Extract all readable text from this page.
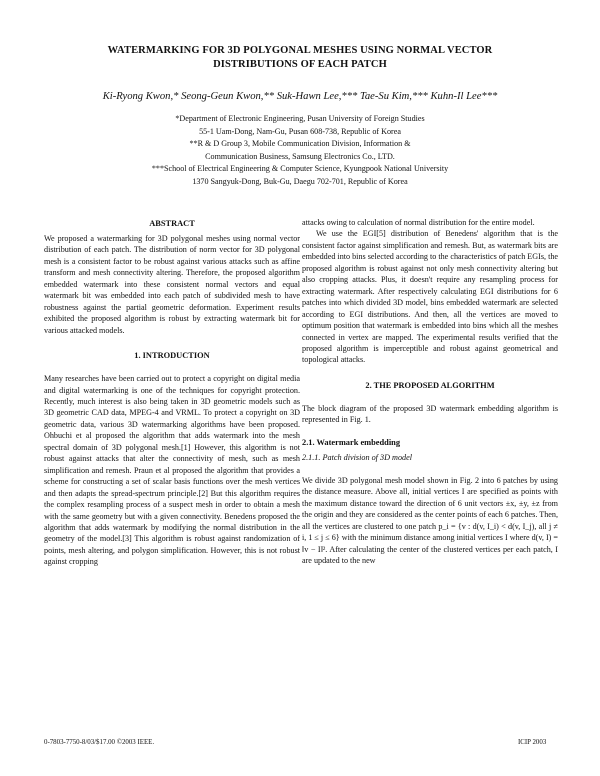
WATERMARKING FOR 3D POLYGONAL MESHES USING NORMAL VECTOR
DISTRIBUTIONS OF EACH PATCH
Ki-Ryong Kwon,* Seong-Geun Kwon,** Suk-Hawn Lee,*** Tae-Su Kim,*** Kuhn-Il Lee***
*Department of Electronic Engineering, Pusan University of Foreign Studies
55-1 Uam-Dong, Nam-Gu, Pusan 608-738, Republic of Korea
**R & D Group 3, Mobile Communication Division, Information &
Communication Business, Samsung Electronics Co., LTD.
***School of Electrical Engineering & Computer Science, Kyungpook National University
1370 Sangyuk-Dong, Buk-Gu, Daegu 702-701, Republic of Korea
ABSTRACT

We proposed a watermarking for 3D polygonal meshes using normal vector distribution of each patch. The distribution of norm vector for 3D polygonal mesh is a consistent factor to be robust against various attacks such as affine transform and mesh connectivity altering. Therefore, the proposed algorithm embedded watermark into these consistent normal vectors and equal watermark bit was embedded into each patch of subdivided mesh to have robustness against the partial geometric deformation. Experiment results exhibited the proposed algorithm is robust by extracting watermark bit for various attacked models.

1. INTRODUCTION

Many researches have been carried out to protect a copyright on digital media and digital watermarking is one of the techniques for copyright protection. Recently, much interest is also being taken in 3D geometric models such as 3D geometric CAD data, MPEG-4 and VRML. To protect a copyright on 3D geometric data, various 3D watermarking algorithms have been proposed. Ohbuchi et al proposed the algorithm that adds watermark into the mesh spectral domain of 3D polygonal mesh.[1] However, this algorithm is not robust against attacks that alter the connectivity of mesh, such as mesh simplification and remesh. Praun et al proposed the algorithm that provides a scheme for constructing a set of scalar basis functions over the mesh vertices and then adapts the spread-spectrum principle.[2] But this algorithm requires the complex resampling process of a suspect mesh in order to obtain a mesh with the same geometry but with a given connectivity. Benedens proposed the algorithm that adds watermark by modifying the normal distribution in the geometry of the model.[3] This algorithm is robust against randomization of points, mesh altering, and polygon simplification. However, this is not robust against cropping

attacks owing to calculation of normal distribution for the entire model.

We use the EGI[5] distribution of Benedens' algorithm that is the consistent factor against simplification and remesh. But, as watermark bits are embedded into bins selected according to the characteristics of patch EGIs, the proposed algorithm is robust against not only mesh connectivity altering but also cropping attacks. Plus, it doesn't require any resampling process for extracting watermark. After respectively calculating EGI distributions for 6 patches into which divided 3D model, bins embedded watermark are selected according to EGI distributions. And then, all the vertices are moved to optimum position that watermark is embedded into bins which all the meshes connected in vertex are mapped. The experimental results verified that the proposed algorithm is imperceptible and robust against geometrical and topological attacks.

2. THE PROPOSED ALGORITHM

The block diagram of the proposed 3D watermark embedding algorithm is represented in Fig. 1.

2.1. Watermark embedding
2.1.1. Patch division of 3D model

We divide 3D polygonal mesh model shown in Fig. 2 into 6 patches by using the distance measure. Above all, initial vertices I are specified as points with the maximum distance toward the direction of 6 unit vectors ±x, ±y, ±z from the origin and they are considered as the center points of each 6 patches. Then, all the vertices are clustered to one patch p_i = {v : d(v, I_i) < d(v, I_j), all j ≠ i, 1 ≤ j ≤ 6} with the minimum distance among initial vertices I where d(v, I) = ‖v − I‖². After calculating the center of the clustered vertices per each patch, I are updated to the new

0-7803-7750-8/03/$17.00 ©2003 IEEE.	ICIP 2003
